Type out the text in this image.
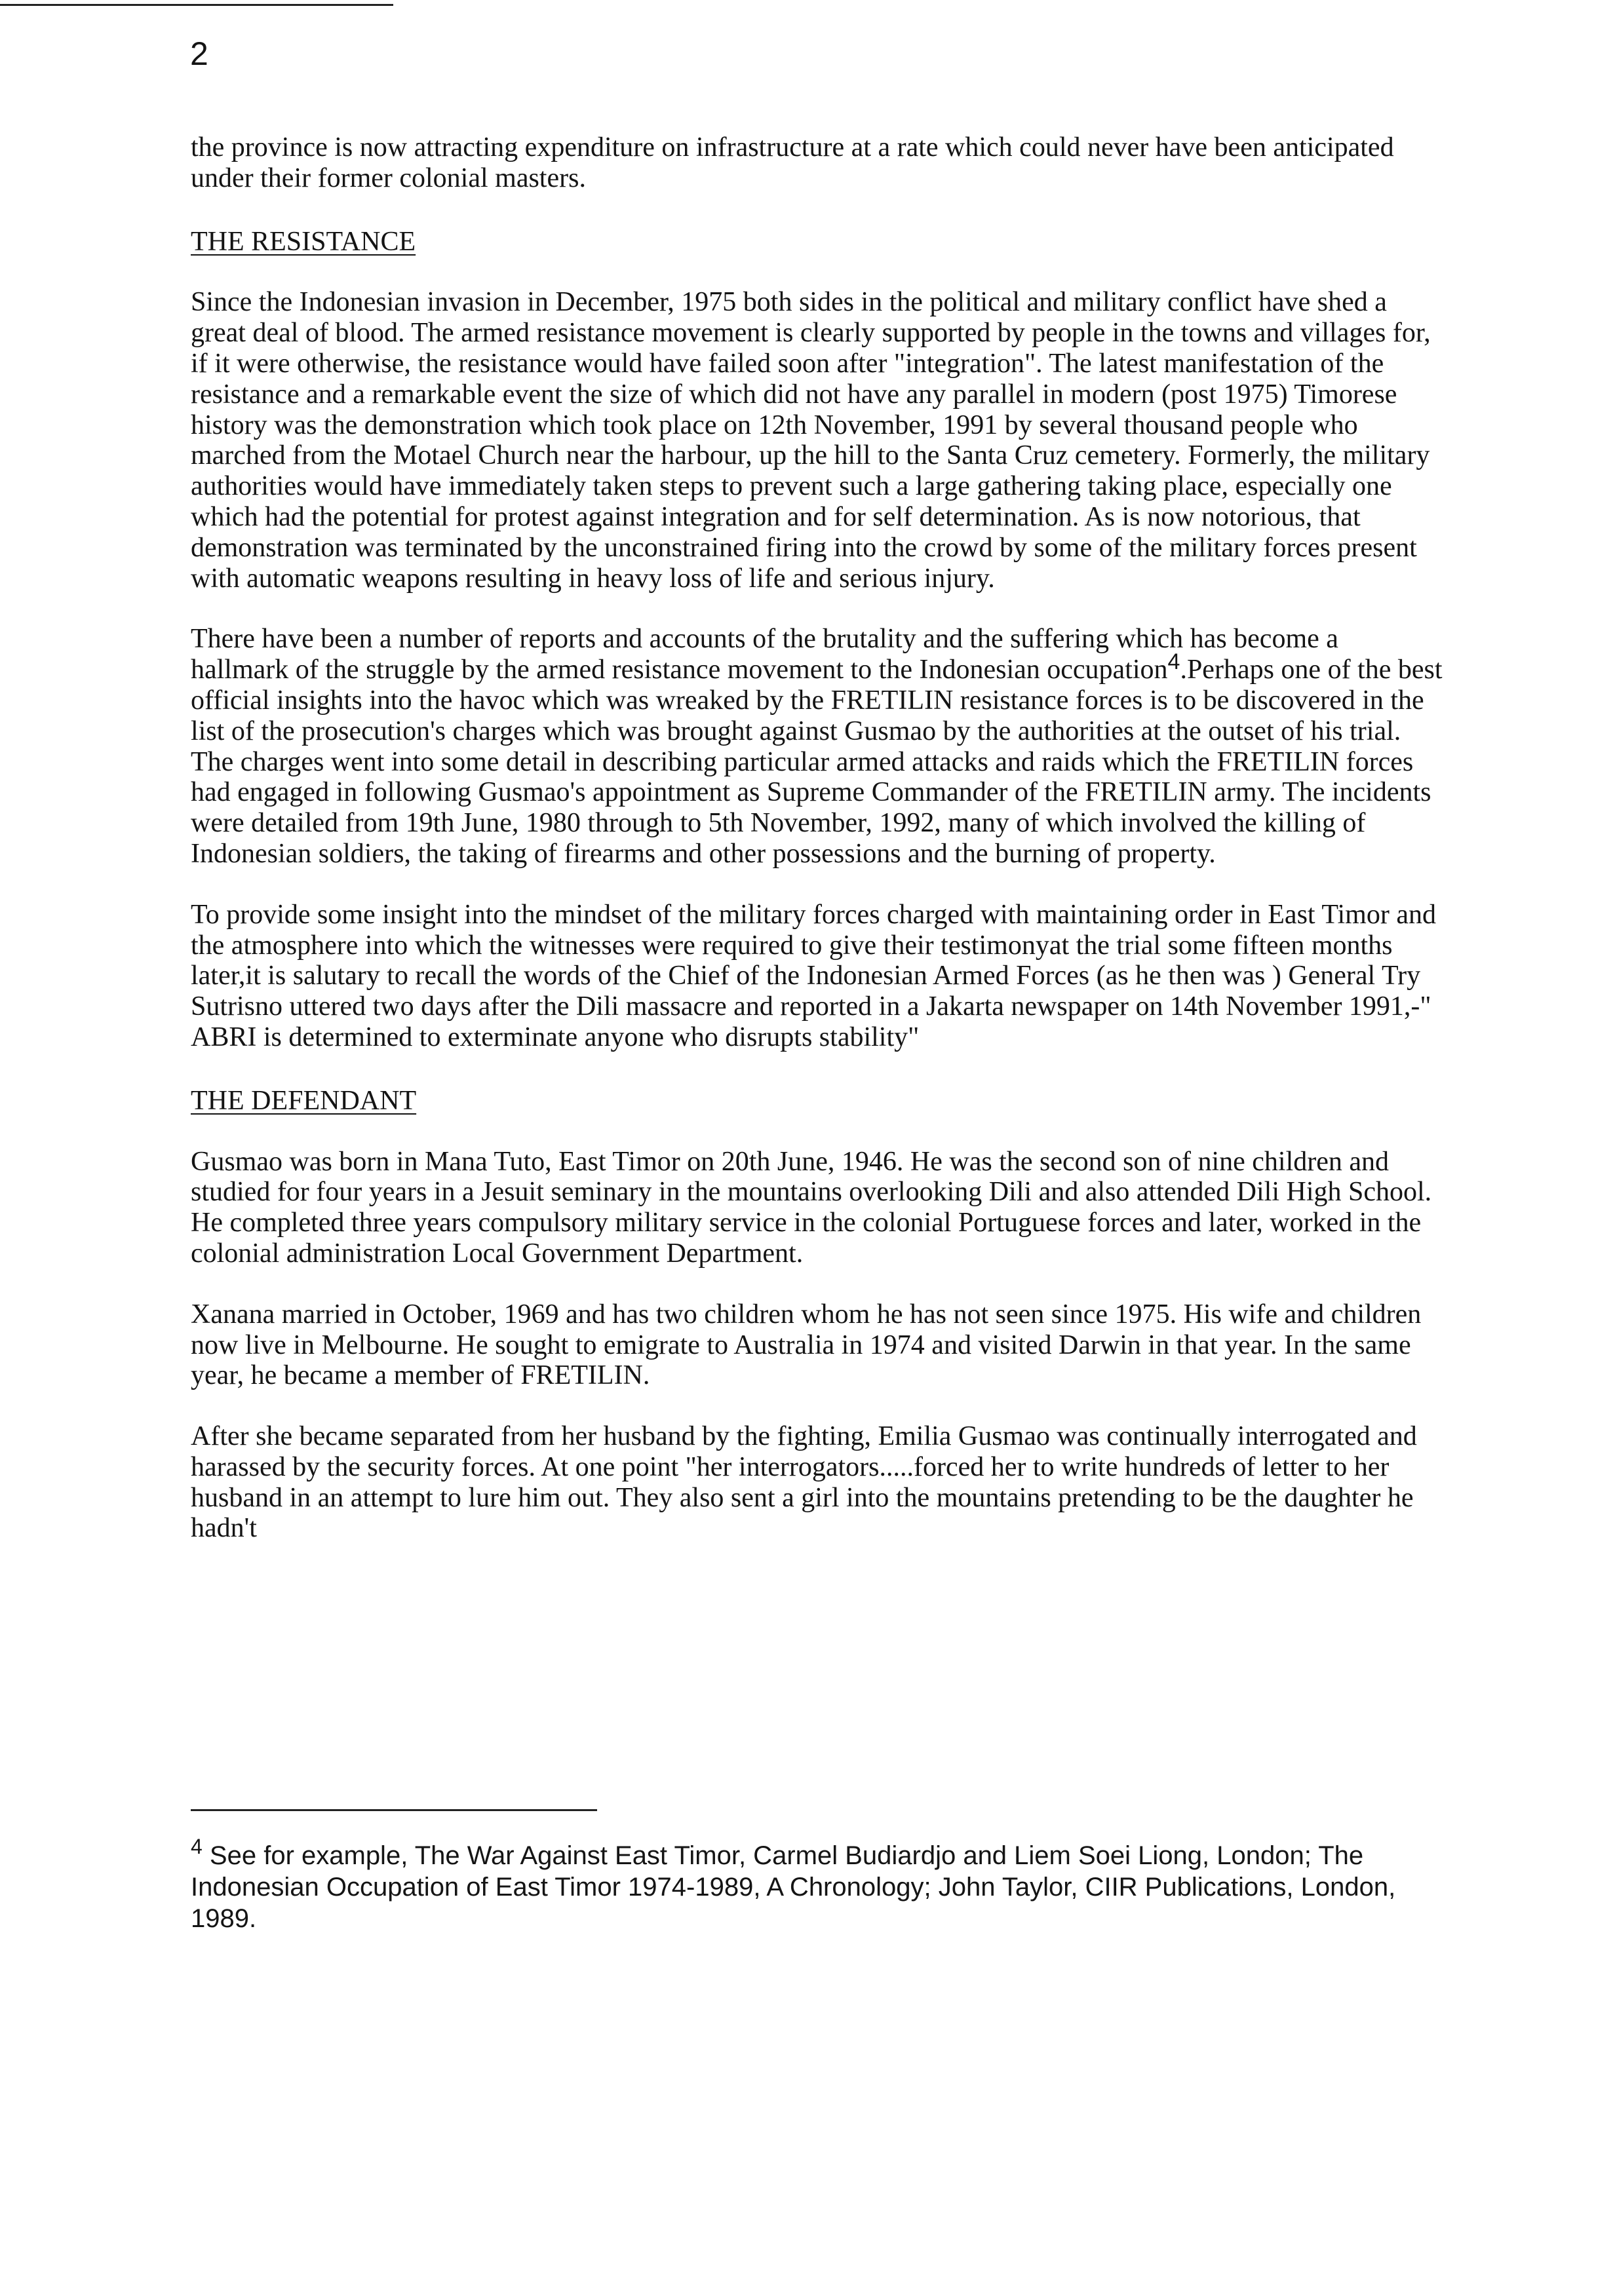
2

the province is now attracting expenditure on infrastructure at a rate which could never have been anticipated under their former colonial masters.

THE RESISTANCE

Since the Indonesian invasion in December, 1975 both sides in the political and military conflict have shed a great deal of blood. The armed resistance movement is clearly supported by people in the towns and villages for, if it were otherwise, the resistance would have failed soon after "integration". The latest manifestation of the resistance and a remarkable event the size of which did not have any parallel in modern (post 1975) Timorese history was the demonstration which took place on 12th November, 1991 by several thousand people who marched from the Motael Church near the harbour, up the hill to the Santa Cruz cemetery. Formerly, the military authorities would have immediately taken steps to prevent such a large gathering taking place, especially one which had the potential for protest against integration and for self determination. As is now notorious, that demonstration was terminated by the unconstrained firing into the crowd by some of the military forces present with automatic weapons resulting in heavy loss of life and serious injury.

There have been a number of reports and accounts of the brutality and the suffering which has become a hallmark of the struggle by the armed resistance movement to the Indonesian occupation$^4$.Perhaps one of the best official insights into the havoc which was wreaked by the FRETILIN resistance forces is to be discovered in the list of the prosecution's charges which was brought against Gusmao by the authorities at the outset of his trial. The charges went into some detail in describing particular armed attacks and raids which the FRETILIN forces had engaged in following Gusmao's appointment as Supreme Commander of the FRETILIN army. The incidents were detailed from 19th June, 1980 through to 5th November, 1992, many of which involved the killing of Indonesian soldiers, the taking of firearms and other possessions and the burning of property.

To provide some insight into the mindset of the military forces charged with maintaining order in East Timor and the atmosphere into which the witnesses were required to give their testimonyat the trial some fifteen months later,it is salutary to recall the words of the Chief of the Indonesian Armed Forces (as he then was ) General Try Sutrisno uttered two days after the Dili massacre and reported in a Jakarta newspaper on 14th November 1991,-" ABRI is determined to exterminate anyone who disrupts stability"

THE DEFENDANT

Gusmao was born in Mana Tuto, East Timor on 20th June, 1946. He was the second son of nine children and studied for four years in a Jesuit seminary in the mountains overlooking Dili and also attended Dili High School. He completed three years compulsory military service in the colonial Portuguese forces and later, worked in the colonial administration Local Government Department.

Xanana married in October, 1969 and has two children whom he has not seen since 1975. His wife and children now live in Melbourne. He sought to emigrate to Australia in 1974 and visited Darwin in that year. In the same year, he became a member of FRETILIN.

After she became separated from her husband by the fighting, Emilia Gusmao was continually interrogated and harassed by the security forces. At one point "her interrogators.....forced her to write hundreds of letter to her husband in an attempt to lure him out. They also sent a girl into the mountains pretending to be the daughter he hadn't

$^4$ See for example, The War Against East Timor, Carmel Budiardjo and Liem Soei Liong, London; The Indonesian Occupation of East Timor 1974-1989, A Chronology; John Taylor, CIIR Publications, London, 1989.
